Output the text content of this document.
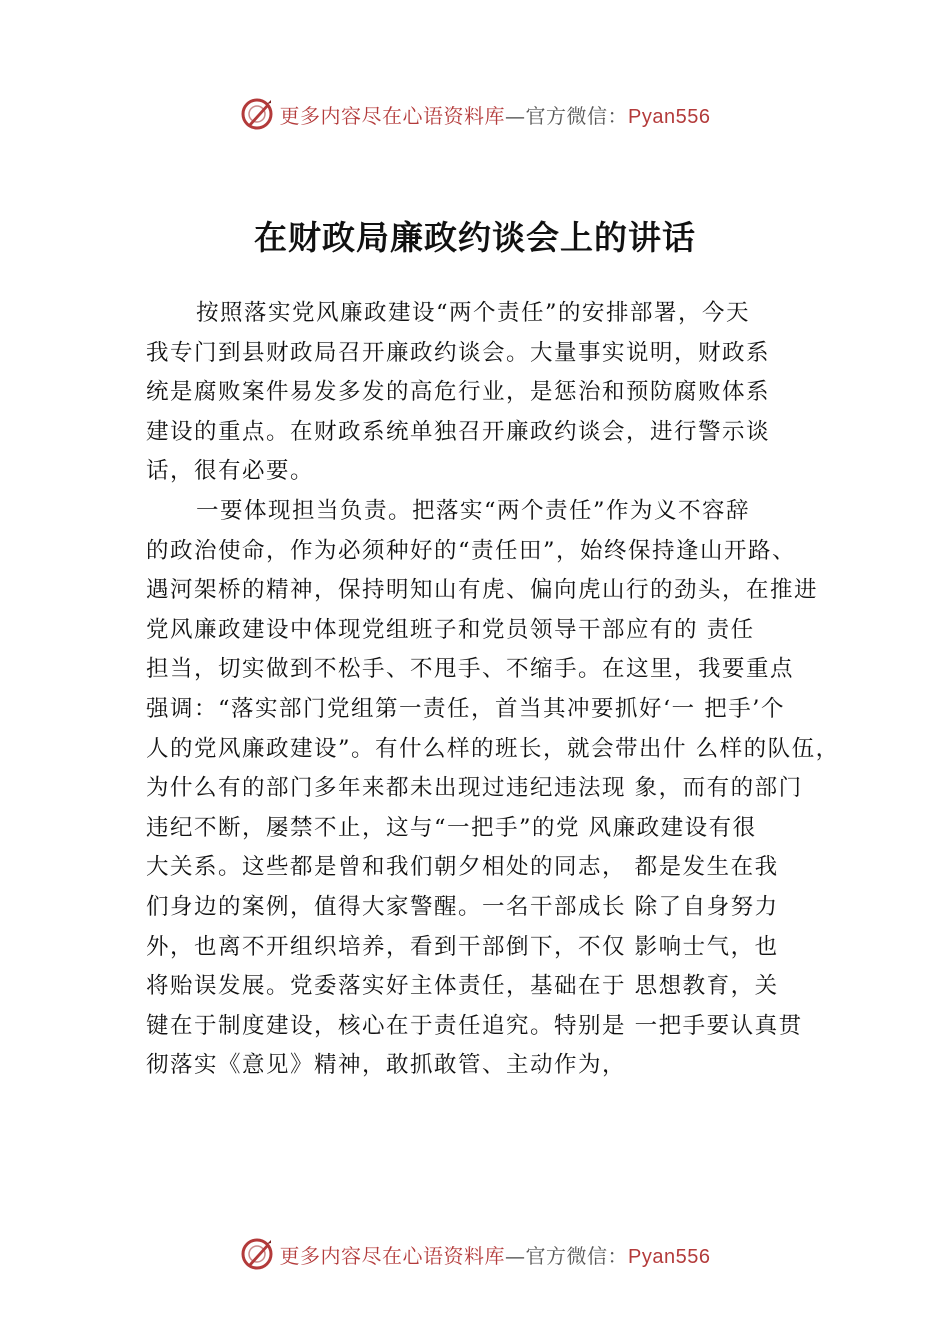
更多内容尽在心语资料库—官方微信：Pyan556
在财政局廉政约谈会上的讲话
按照落实党风廉政建设“两个责任”的安排部署，今天
我专门到县财政局召开廉政约谈会。大量事实说明，财政系
统是腐败案件易发多发的高危行业，是惩治和预防腐败体系
建设的重点。在财政系统单独召开廉政约谈会，进行警示谈
话，很有必要。
一要体现担当负责。把落实“两个责任”作为义不容辞
的政治使命，作为必须种好的“责任田”，始终保持逢山开路、
遇河架桥的精神，保持明知山有虎、偏向虎山行的劲头，在推进
党风廉政建设中体现党组班子和党员领导干部应有的 责任
担当，切实做到不松手、不甩手、不缩手。在这里，我要重点
强调：“落实部门党组第一责任，首当其冲要抓好‘一 把手’个
人的党风廉政建设”。有什么样的班长，就会带出什 么样的队伍，
为什么有的部门多年来都未出现过违纪违法现 象，而有的部门
违纪不断，屡禁不止，这与“一把手”的党 风廉政建设有很
大关系。这些都是曾和我们朝夕相处的同志， 都是发生在我
们身边的案例，值得大家警醒。一名干部成长 除了自身努力
外，也离不开组织培养，看到干部倒下，不仅 影响士气，也
将贻误发展。党委落实好主体责任，基础在于 思想教育，关
键在于制度建设，核心在于责任追究。特别是 一把手要认真贯
彻落实《意见》精神，敢抓敢管、主动作为，
更多内容尽在心语资料库—官方微信：Pyan556
